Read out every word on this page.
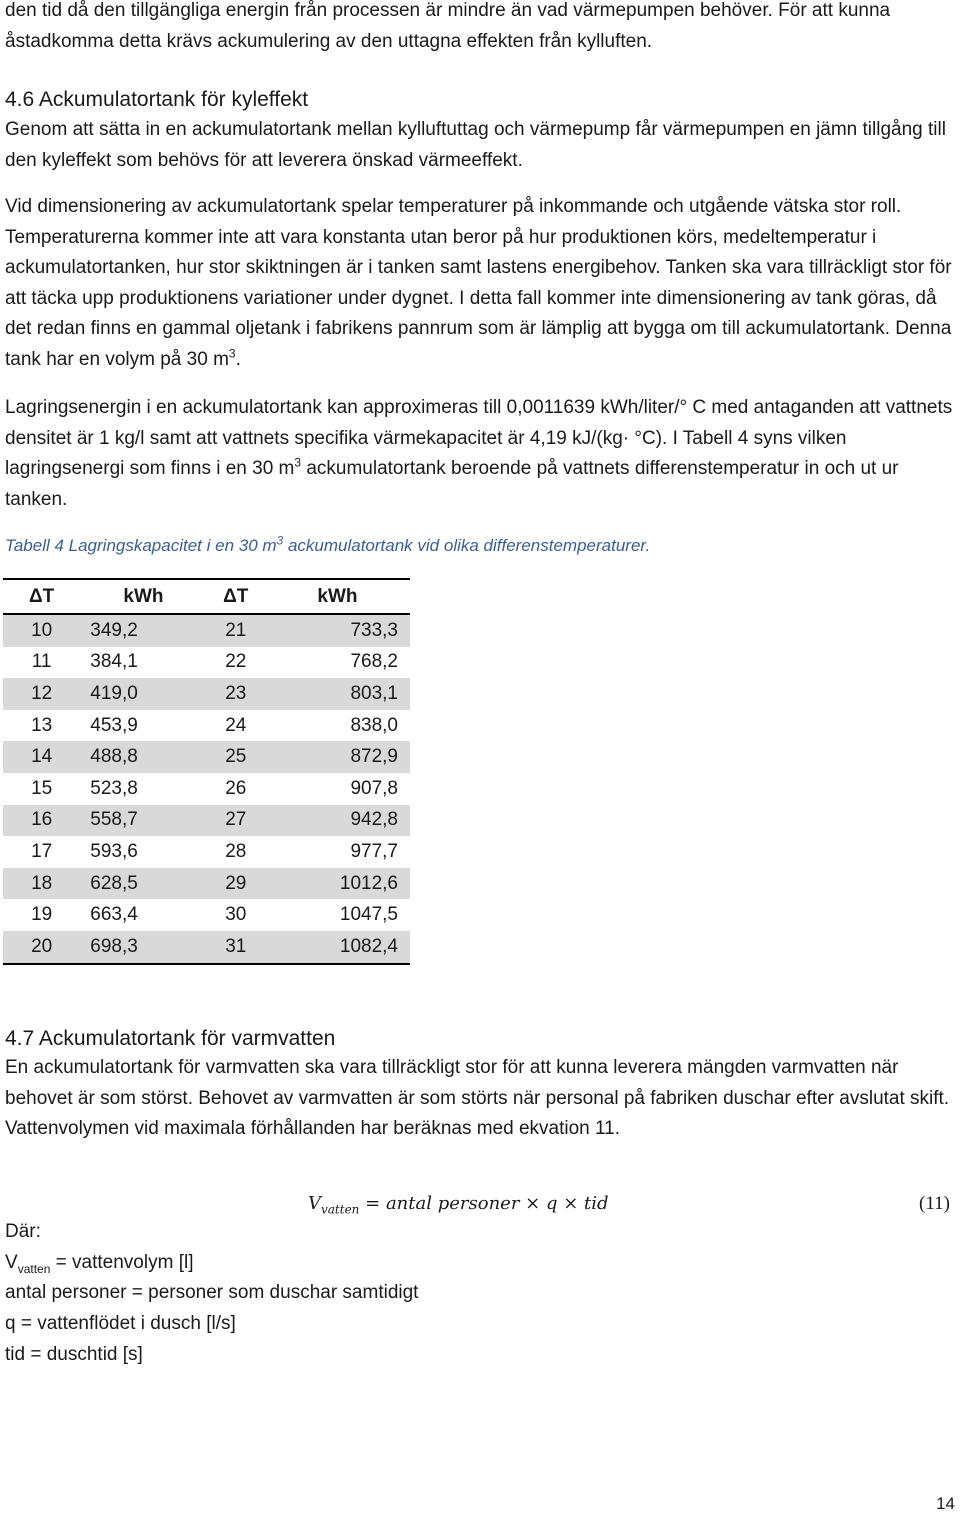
den tid då den tillgängliga energin från processen är mindre än vad värmepumpen behöver. För att kunna åstadkomma detta krävs ackumulering av den uttagna effekten från kylluften.

4.6 Ackumulatortank för kyleffekt

Genom att sätta in en ackumulatortank mellan kylluftuttag och värmepump får värmepumpen en jämn tillgång till den kyleffekt som behövs för att leverera önskad värmeeffekt.

Vid dimensionering av ackumulatortank spelar temperaturer på inkommande och utgående vätska stor roll. Temperaturerna kommer inte att vara konstanta utan beror på hur produktionen körs, medeltemperatur i ackumulatortanken, hur stor skiktningen är i tanken samt lastens energibehov. Tanken ska vara tillräckligt stor för att täcka upp produktionens variationer under dygnet. I detta fall kommer inte dimensionering av tank göras, då det redan finns en gammal oljetank i fabrikens pannrum som är lämplig att bygga om till ackumulatortank. Denna tank har en volym på 30 $m^3$.

Lagringsenergin i en ackumulatortank kan approximeras till 0,0011639 kWh/liter/° C med antaganden att vattnets densitet är 1 kg/l samt att vattnets specifika värmekapacitet är 4,19 kJ/(kg· °C). I Tabell 4 syns vilken lagringsenergi som finns i en 30 $m^3$ ackumulatortank beroende på vattnets differenstemperatur in och ut ur tanken.

Tabell 4 Lagringskapacitet i en 30 $m^3$ ackumulatortank vid olika differenstemperaturer.
ΔT	kWh	ΔT	kWh
10	349,2	21	733,3
11	384,1	22	768,2
12	419,0	23	803,1
13	453,9	24	838,0
14	488,8	25	872,9
15	523,8	26	907,8
16	558,7	27	942,8
17	593,6	28	977,7
18	628,5	29	1012,6
19	663,4	30	1047,5
20	698,3	31	1082,4
4.7 Ackumulatortank för varmvatten

En ackumulatortank för varmvatten ska vara tillräckligt stor för att kunna leverera mängden varmvatten när behovet är som störst. Behovet av varmvatten är som störts när personal på fabriken duschar efter avslutat skift. Vattenvolymen vid maximala förhållanden har beräknas med ekvation 11.

$V_{vatten}$ = antal personer × q × tid	(11)
Där:
$V_{vatten}$ = vattenvolym [l]
antal personer = personer som duschar samtidigt
q = vattenflödet i dusch [l/s]
tid = duschtid [s]
14
